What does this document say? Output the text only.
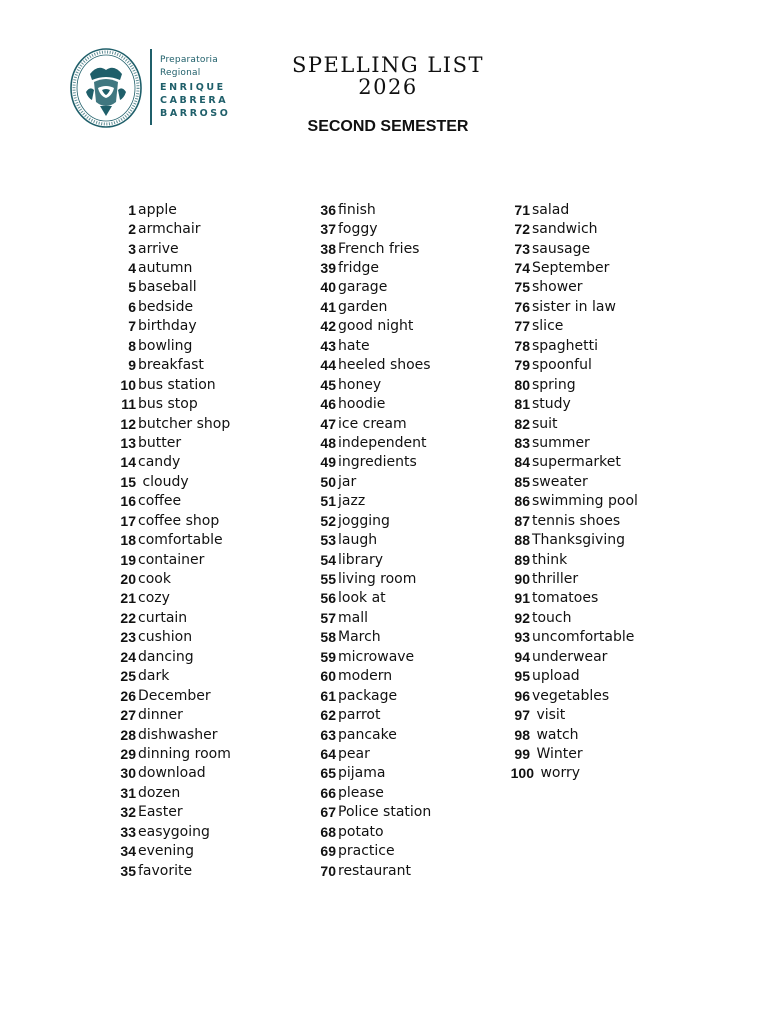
Preparatoria
Regional
ENRIQUE
CABRERA
BARROSO
SPELLING LIST
2026
SECOND SEMESTER
1 apple
2 armchair
3 arrive
4 autumn
5 baseball
6 bedside
7 birthday
8 bowling
9 breakfast
10 bus station
11 bus stop
12 butcher shop
13 butter
14 candy
15 cloudy
16 coffee
17 coffee shop
18 comfortable
19 container
20 cook
21 cozy
22 curtain
23 cushion
24 dancing
25 dark
26 December
27 dinner
28 dishwasher
29 dinning room
30 download
31 dozen
32 Easter
33 easygoing
34 evening
35 favorite
36 finish
37 foggy
38 French fries
39 fridge
40 garage
41 garden
42 good night
43 hate
44 heeled shoes
45 honey
46 hoodie
47 ice cream
48 independent
49 ingredients
50 jar
51 jazz
52 jogging
53 laugh
54 library
55 living room
56 look at
57 mall
58 March
59 microwave
60 modern
61 package
62 parrot
63 pancake
64 pear
65 pijama
66 please
67 Police station
68 potato
69 practice
70 restaurant
71 salad
72 sandwich
73 sausage
74 September
75 shower
76 sister in law
77 slice
78 spaghetti
79 spoonful
80 spring
81 study
82 suit
83 summer
84 supermarket
85 sweater
86 swimming pool
87 tennis shoes
88 Thanksgiving
89 think
90 thriller
91 tomatoes
92 touch
93 uncomfortable
94 underwear
95 upload
96 vegetables
97 visit
98 watch
99 Winter
100 worry
